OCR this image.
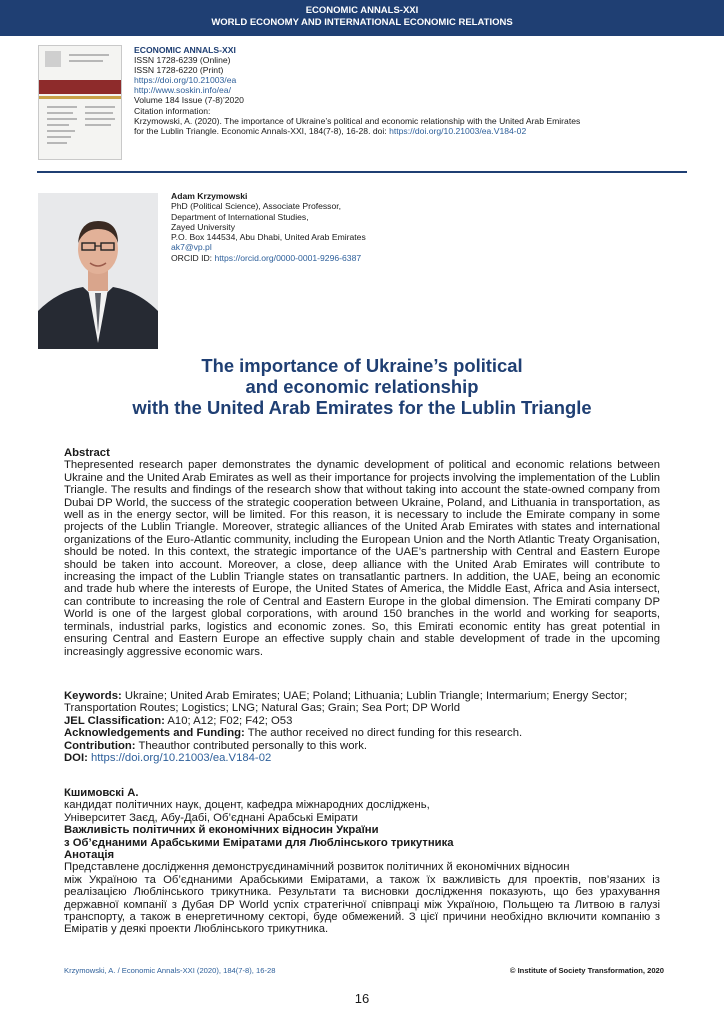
ECONOMIC ANNALS-XXI
WORLD ECONOMY AND INTERNATIONAL ECONOMIC RELATIONS
ECONOMIC ANNALS-XXI
ISSN 1728-6239 (Online)
ISSN 1728-6220 (Print)
https://doi.org/10.21003/ea
http://www.soskin.info/ea/
Volume 184 Issue (7-8)’2020
Citation information:
Krzymowski, A. (2020). The importance of Ukraine’s political and economic relationship with the United Arab Emirates
for the Lublin Triangle. Economic Annals-XXI, 184(7-8), 16-28. doi: https://doi.org/10.21003/ea.V184-02
Adam Krzymowski
PhD (Political Science), Associate Professor,
Department of International Studies,
Zayed University
P.O. Box 144534, Abu Dhabi, United Arab Emirates
ak7@vp.pl
ORCID ID: https://orcid.org/0000-0001-9296-6387
The importance of Ukraine’s political
and economic relationship
with the United Arab Emirates for the Lublin Triangle
Abstract
Thepresented research paper demonstrates the dynamic development of political and economic relations between Ukraine and the United Arab Emirates as well as their importance for projects involving the implementation of the Lublin Triangle. The results and findings of the research show that without taking into account the state-owned company from Dubai DP World, the success of the strategic cooperation between Ukraine, Poland, and Lithuania in transportation, as well as in the energy sector, will be limited. For this reason, it is necessary to include the Emirate company in some projects of the Lublin Triangle. Moreover, strategic alliances of the United Arab Emirates with states and international organizations of the Euro-Atlantic community, including the European Union and the North Atlantic Treaty Organisation, should be noted. In this context, the strategic importance of the UAE’s partnership with Central and Eastern Europe should be taken into account. Moreover, a close, deep alliance with the United Arab Emirates will contribute to increasing the impact of the Lublin Triangle states on transatlantic partners. In addition, the UAE, being an economic and trade hub where the interests of Europe, the United States of America, the Middle East, Africa and Asia intersect, can contribute to increasing the role of Central and Eastern Europe in the global dimension. The Emirati company DP World is one of the largest global corporations, with around 150 branches in the world and working for seaports, terminals, industrial parks, logistics and economic zones. So, this Emirati economic entity has great potential in ensuring Central and Eastern Europe an effective supply chain and stable development of trade in the upcoming increasingly aggressive economic wars.
Keywords: Ukraine; United Arab Emirates; UAE; Poland; Lithuania; Lublin Triangle; Intermarium; Energy Sector; Transportation Routes; Logistics; LNG; Natural Gas; Grain; Sea Port; DP World
JEL Classification: A10; A12; F02; F42; O53
Acknowledgements and Funding: The author received no direct funding for this research.
Contribution: Theauthor contributed personally to this work.
DOI: https://doi.org/10.21003/ea.V184-02
Кшимовскі А.
кандидат політичних наук, доцент, кафедра міжнародних досліджень,
Університет Заєд, Абу-Дабі, Об’єднані Арабські Емірати
Важливість політичних й економічних відносин України
з Об’єднаними Арабськими Еміратами для Люблінського трикутника
Анотація
Представлене дослідження демонструєдинамічний розвиток політичних й економічних відносин
між Україною та Об’єднаними Арабськими Еміратами, а також їх важливість для проектів, пов’язаних із реалізацією Люблінського трикутника. Результати та висновки дослідження показують, що без урахування державної компанії з Дубая DP World успіх стратегічної співпраці між Україною, Польщею та Литвою в галузі транспорту, а також в енергетичному секторі, буде обмежений. З цієї причини необхідно включити компанію з Еміратів у деякі проекти Люблінського трикутника.
Krzymowski, A. / Economic Annals-XXI (2020), 184(7-8), 16-28	© Institute of Society Transformation, 2020
16
